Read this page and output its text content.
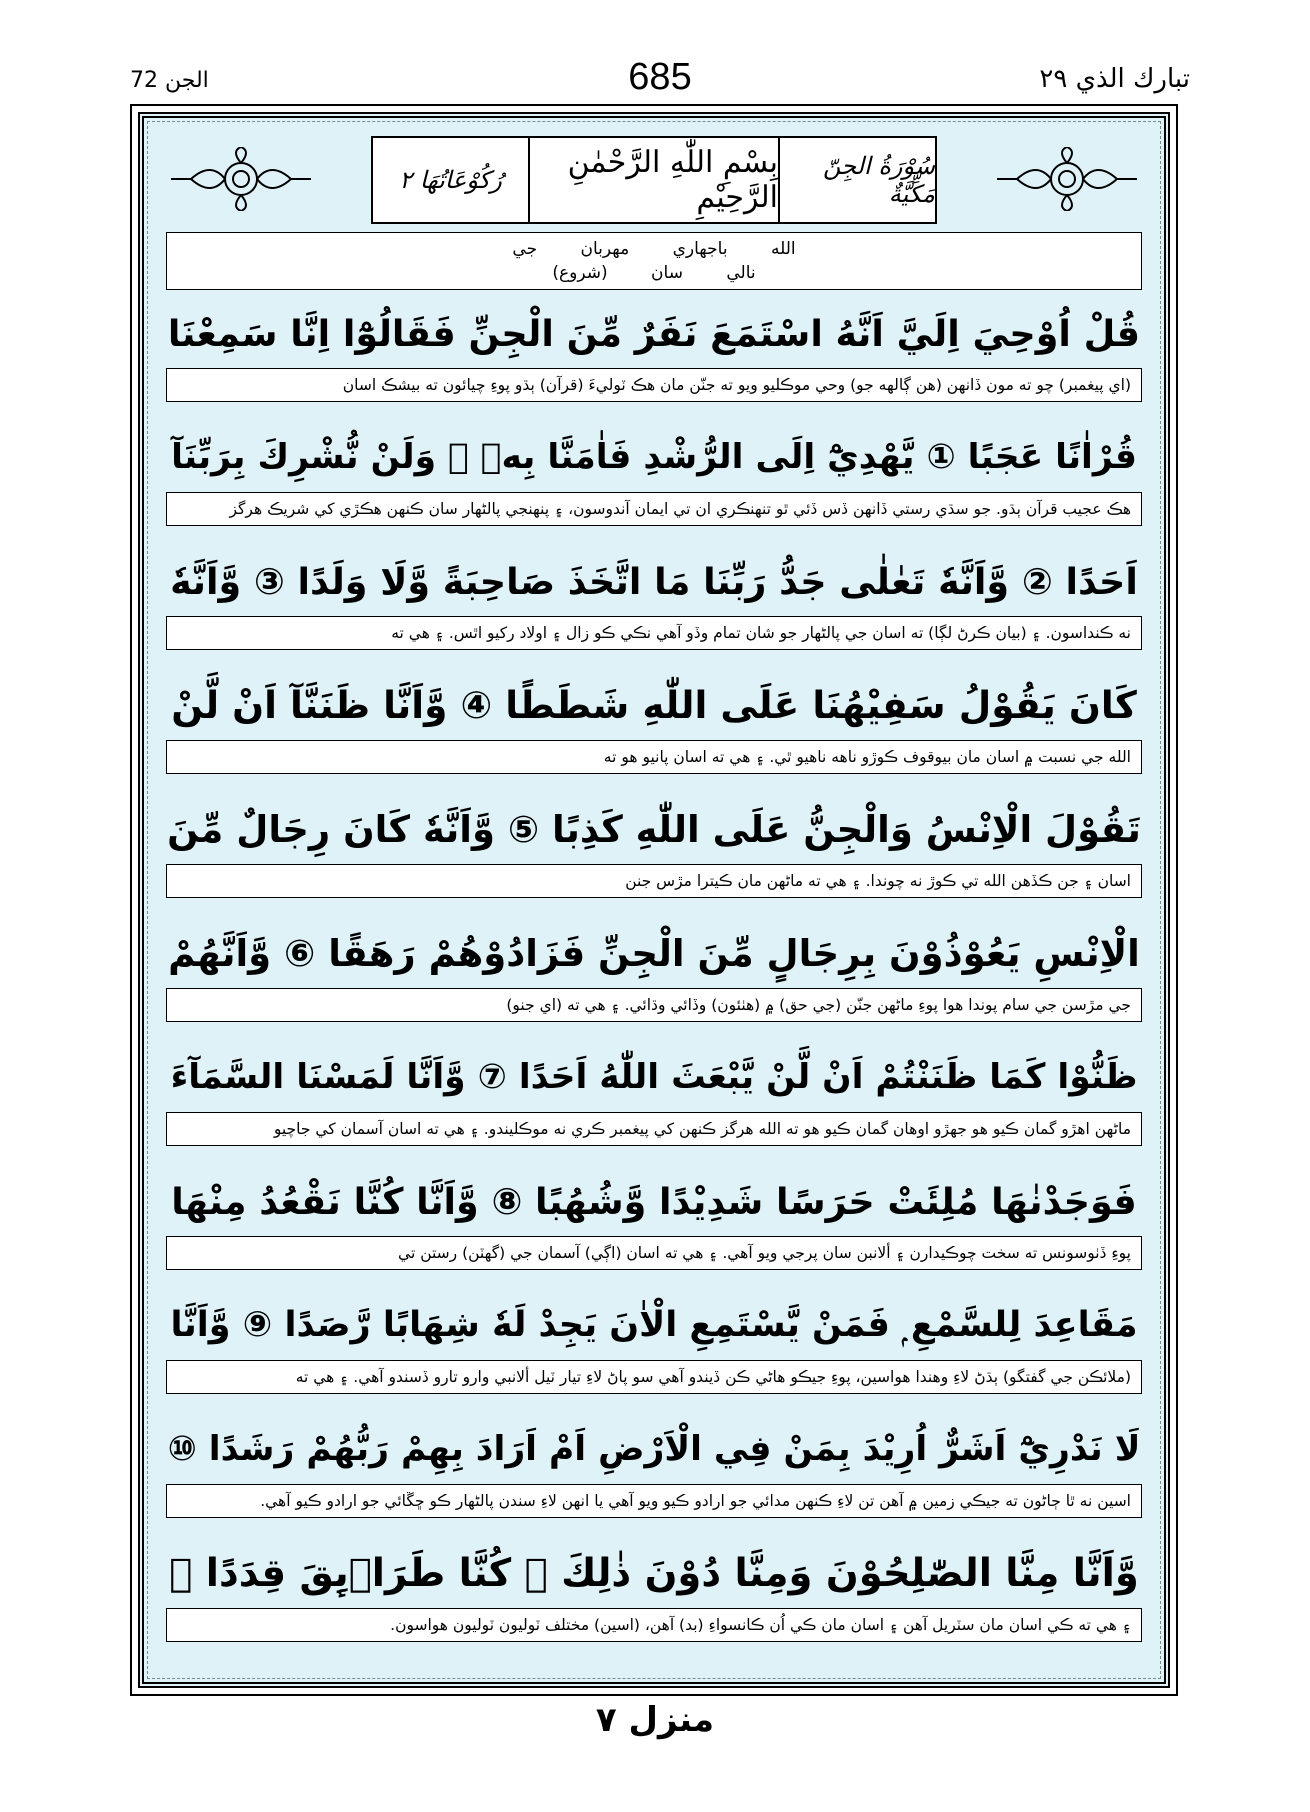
تبارك الذي ٢٩
685
الجن 72
رُكُوْعَاتُهَا ٢	بِسْمِ اللّٰهِ الرَّحْمٰنِ الرَّحِيْمِ
سُوْرَةُ الجِنّ مَكِّيَّةٌ
الله باجهاري مهربان جي
نالي سان (شروع)
قُلْ اُوْحِيَ اِلَيَّ اَنَّهُ اسْتَمَعَ نَفَرٌ مِّنَ الْجِنِّ فَقَالُوْٓا اِنَّا سَمِعْنَا
(اي پيغمبر) چو ته مون ڏانهن (هن ڳالهه جو) وحي موڪليو ويو ته جنّن مان هڪ ٽوليءَ (قرآن) ٻڌو پوءِ چيائون ته بيشڪ اسان
قُرْاٰنًا عَجَبًا ① يَّهْدِيْٓ اِلَى الرُّشْدِ فَاٰمَنَّا بِهٖ ۭ وَلَنْ نُّشْرِكَ بِرَبِّنَآ
هڪ عجيب قرآن ٻڌو. جو سڌي رستي ڏانهن ڏس ڏئي ٿو تنهنڪري ان تي ايمان آندوسون، ۽ پنهنجي پالڻهار سان ڪنهن هڪڙي کي شريڪ هرگز
اَحَدًا ② وَّاَنَّهٗ تَعٰلٰى جَدُّ رَبِّنَا مَا اتَّخَذَ صَاحِبَةً وَّلَا وَلَدًا ③ وَّاَنَّهٗ
نه ڪنداسون. ۽ (بيان ڪرڻ لڳا) ته اسان جي پالڻهار جو شان تمام وڏو آهي نڪي ڪو زال ۽ اولاد رکيو اٿس. ۽ هي ته
كَانَ يَقُوْلُ سَفِيْهُنَا عَلَى اللّٰهِ شَطَطًا ④ وَّاَنَّا ظَنَنَّآ اَنْ لَّنْ
الله جي نسبت ۾ اسان مان بيوقوف ڪوڙو ناهه ناهيو ٿي. ۽ هي ته اسان پانيو هو ته
تَقُوْلَ الْاِنْسُ وَالْجِنُّ عَلَى اللّٰهِ كَذِبًا ⑤ وَّاَنَّهٗ كَانَ رِجَالٌ مِّنَ
اسان ۽ جن ڪڏهن الله تي ڪوڙ نه چوندا. ۽ هي ته ماڻهن مان ڪيترا مڙس جنن
الْاِنْسِ يَعُوْذُوْنَ بِرِجَالٍ مِّنَ الْجِنِّ فَزَادُوْهُمْ رَهَقًا ⑥ وَّاَنَّهُمْ
جي مڙسن جي سام پوندا هوا پوءِ ماڻهن جنّن (جي حق) ۾ (هٺئون) وڏائي وڌائي. ۽ هي ته (اي جنو)
ظَنُّوْا كَمَا ظَنَنْتُمْ اَنْ لَّنْ يَّبْعَثَ اللّٰهُ اَحَدًا ⑦ وَّاَنَّا لَمَسْنَا السَّمَآءَ
ماڻهن اهڙو گمان ڪيو هو جهڙو اوهان گمان ڪيو هو ته الله هرگز ڪنهن کي پيغمبر ڪري نه موڪليندو. ۽ هي ته اسان آسمان کي جاچيو
فَوَجَدْنٰهَا مُلِئَتْ حَرَسًا شَدِيْدًا وَّشُهُبًا ⑧ وَّاَنَّا كُنَّا نَقْعُدُ مِنْهَا
پوءِ ڏٺوسونس ته سخت چوڪيدارن ۽ ألانبن سان پرجي ويو آهي. ۽ هي ته اسان (اڳي) آسمان جي (گهٽن) رستن تي
مَقَاعِدَ لِلسَّمْعِ ۭ فَمَنْ يَّسْتَمِعِ الْاٰنَ يَجِدْ لَهٗ شِهَابًا رَّصَدًا ⑨ وَّاَنَّا
(ملائڪن جي گفتگو) ٻڌڻ لاءِ وهندا هواسين، پوءِ جيڪو هاڻي ڪن ڏيندو آهي سو پاڻ لاءِ تيار ٽيل ألانبي وارو تارو ڏسندو آهي. ۽ هي ته
لَا نَدْرِيْٓ اَشَرٌّ اُرِيْدَ بِمَنْ فِي الْاَرْضِ اَمْ اَرَادَ بِهِمْ رَبُّهُمْ رَشَدًا ⑩
اسين نه ٿا ڄاڻون ته جيڪي زمين ۾ آهن تن لاءِ ڪنهن مدائي جو ارادو ڪيو ويو آهي يا انهن لاءِ سندن پالڻهار ڪو ڇڱائي جو ارادو ڪيو آهي.
وَّاَنَّا مِنَّا الصّٰلِحُوْنَ وَمِنَّا دُوْنَ ذٰلِكَ ۭ كُنَّا طَرَاۗىِٕقَ قِدَدًا ⑪
۽ هي ته ڪي اسان مان سٽريل آهن ۽ اسان مان ڪي اُن ڪانسواءِ (بد) آهن، (اسين) مختلف ٽوليون ٽوليون هواسون.
منزل ٧
